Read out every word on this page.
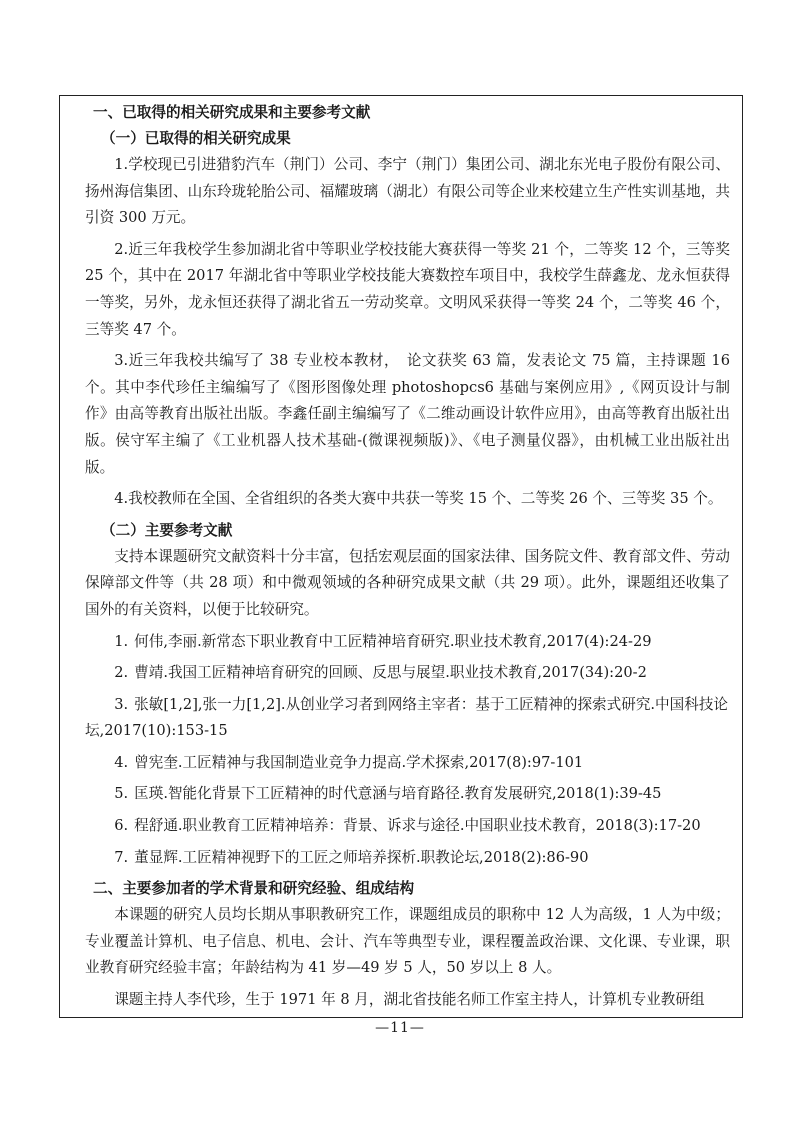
一、已取得的相关研究成果和主要参考文献
（一）已取得的相关研究成果

1.学校现已引进猎豹汽车（荆门）公司、李宁（荆门）集团公司、湖北东光电子股份有限公司、扬州海信集团、山东玲珑轮胎公司、福耀玻璃（湖北）有限公司等企业来校建立生产性实训基地，共引资 300 万元。

2.近三年我校学生参加湖北省中等职业学校技能大赛获得一等奖 21 个，二等奖 12 个，三等奖 25 个，其中在 2017 年湖北省中等职业学校技能大赛数控车项目中，我校学生薛鑫龙、龙永恒获得一等奖，另外，龙永恒还获得了湖北省五一劳动奖章。文明风采获得一等奖 24 个，二等奖 46 个，三等奖 47 个。

3.近三年我校共编写了 38 专业校本教材，　论文获奖 63 篇，发表论文 75 篇，主持课题 16 个。其中李代珍任主编编写了《图形图像处理 photoshopcs6 基础与案例应用》,《网页设计与制作》由高等教育出版社出版。李鑫任副主编编写了《二维动画设计软件应用》，由高等教育出版社出版。侯守军主编了《工业机器人技术基础-(微课视频版)》、《电子测量仪器》，由机械工业出版社出版。

4.我校教师在全国、全省组织的各类大赛中共获一等奖 15 个、二等奖 26 个、三等奖 35 个。

（二）主要参考文献

支持本课题研究文献资料十分丰富，包括宏观层面的国家法律、国务院文件、教育部文件、劳动保障部文件等（共 28 项）和中微观领域的各种研究成果文献（共 29 项）。此外，课题组还收集了国外的有关资料，以便于比较研究。

1. 何伟,李丽.新常态下职业教育中工匠精神培育研究.职业技术教育,2017(4):24-29

2. 曹靖.我国工匠精神培育研究的回顾、反思与展望.职业技术教育,2017(34):20-2

3. 张敏[1,2],张一力[1,2].从创业学习者到网络主宰者：基于工匠精神的探索式研究.中国科技论坛,2017(10):153-15

4. 曾宪奎.工匠精神与我国制造业竞争力提高.学术探索,2017(8):97-101

5. 匡瑛.智能化背景下工匠精神的时代意涵与培育路径.教育发展研究,2018(1):39-45

6. 程舒通.职业教育工匠精神培养：背景、诉求与途径.中国职业技术教育，2018(3):17-20

7. 董显辉.工匠精神视野下的工匠之师培养探析.职教论坛,2018(2):86-90

二、主要参加者的学术背景和研究经验、组成结构

本课题的研究人员均长期从事职教研究工作，课题组成员的职称中 12 人为高级，1 人为中级；专业覆盖计算机、电子信息、机电、会计、汽车等典型专业，课程覆盖政治课、文化课、专业课，职业教育研究经验丰富；年龄结构为 41 岁—49 岁 5 人，50 岁以上 8 人。

课题主持人李代珍，生于 1971 年 8 月，湖北省技能名师工作室主持人，计算机专业教研组

—11—
